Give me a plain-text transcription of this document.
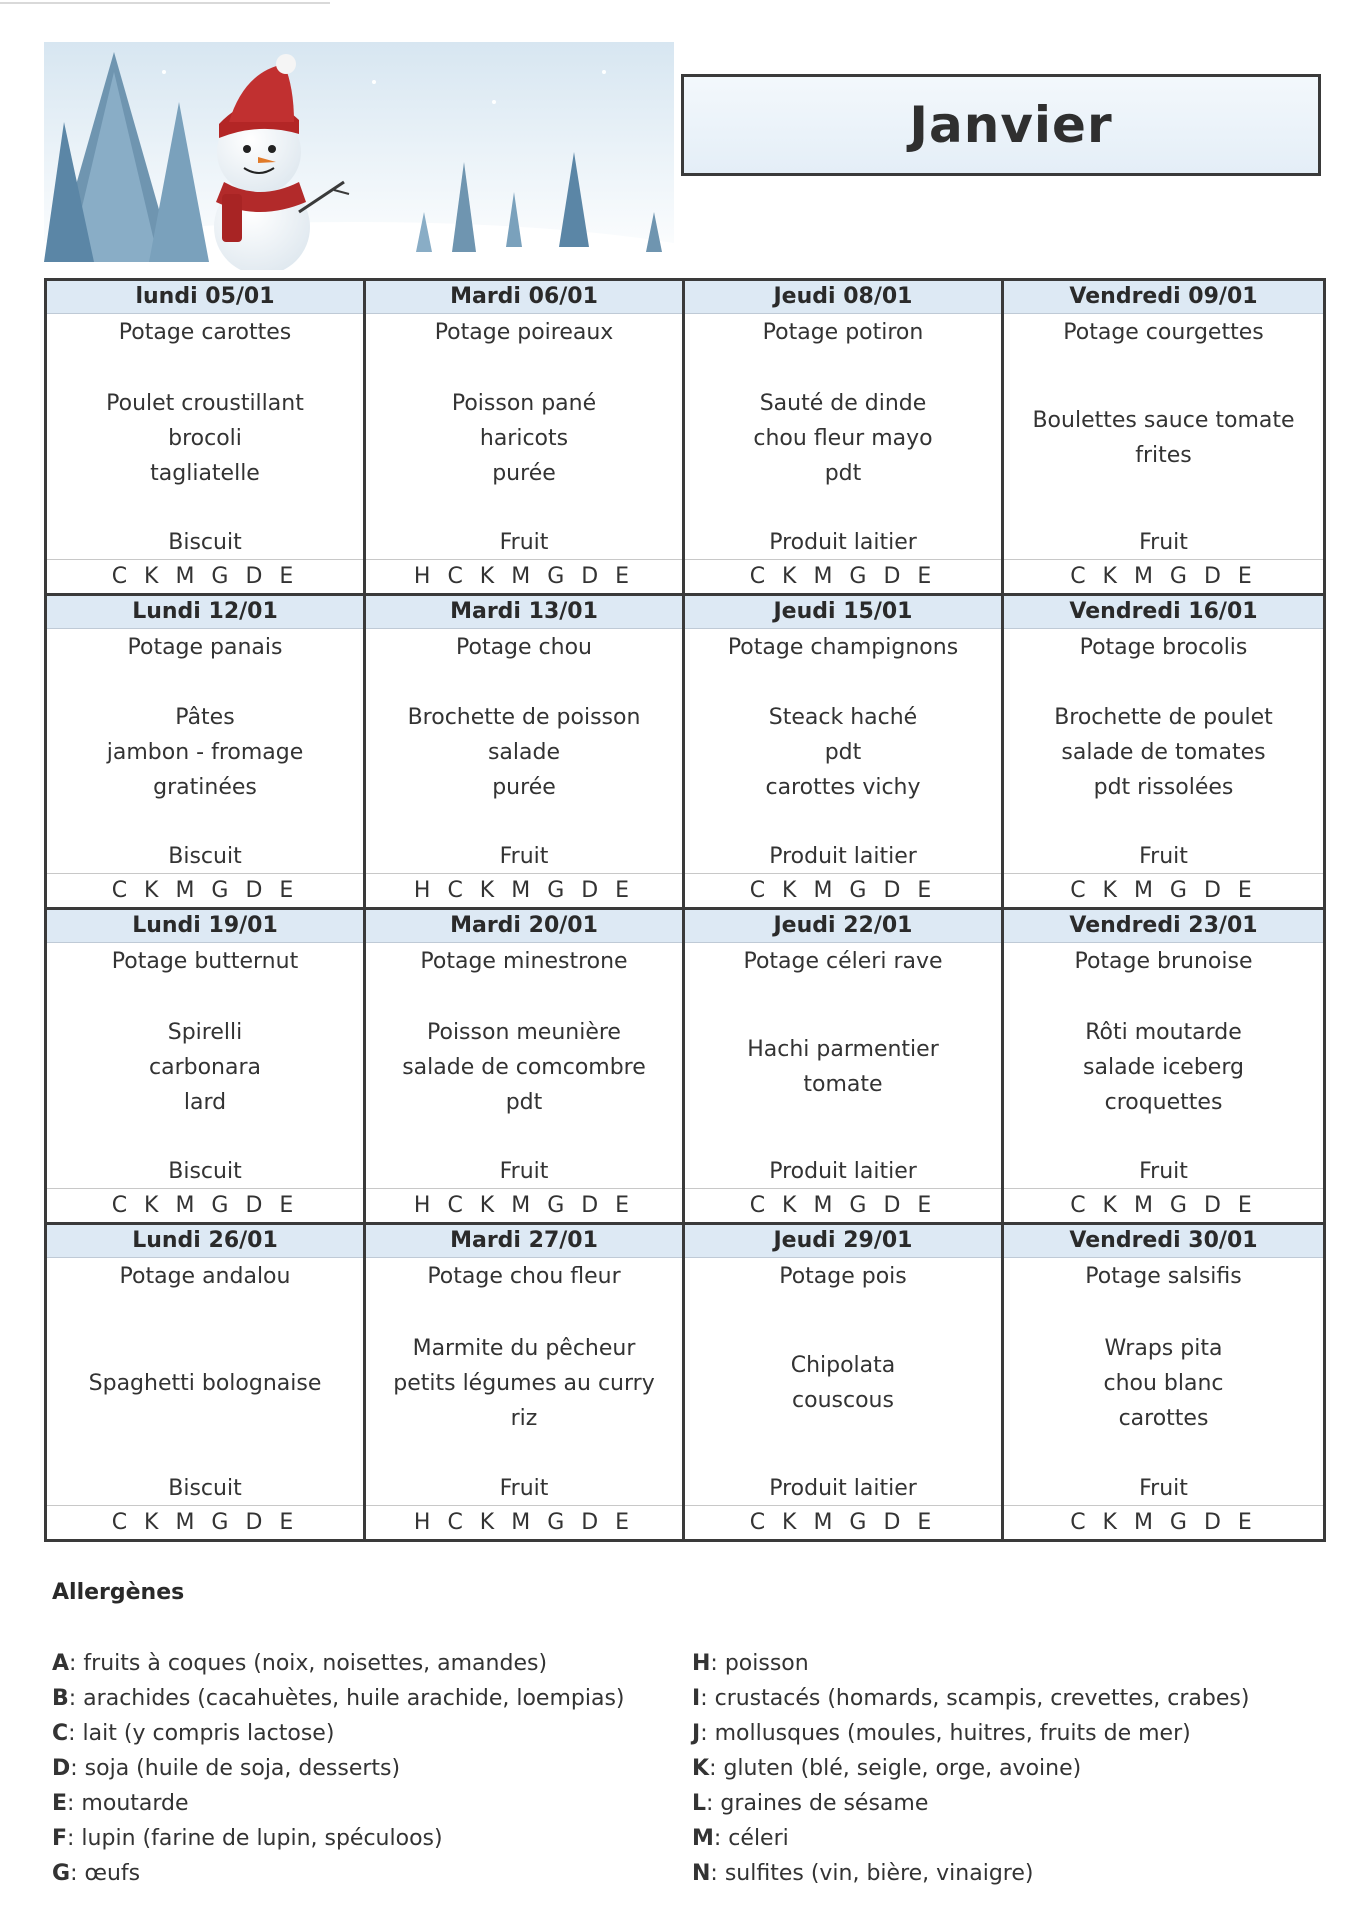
Janvier
lundi 05/01
Potage carottes
Poulet croustillant
brocoli
tagliatelle
Biscuit
C K M G D E
Mardi 06/01
Potage poireaux
Poisson pané
haricots
purée
Fruit
H C K M G D E
Jeudi 08/01
Potage potiron
Sauté de dinde
chou fleur mayo
pdt
Produit laitier
C K M G D E
Vendredi 09/01
Potage courgettes
Boulettes sauce tomate
frites
Fruit
C K M G D E
Lundi 12/01
Potage panais
Pâtes
jambon - fromage
gratinées
Biscuit
C K M G D E
Mardi 13/01
Potage chou
Brochette de poisson
salade
purée
Fruit
H C K M G D E
Jeudi 15/01
Potage champignons
Steack haché
pdt
carottes vichy
Produit laitier
C K M G D E
Vendredi 16/01
Potage brocolis
Brochette de poulet
salade de tomates
pdt rissolées
Fruit
C K M G D E
Lundi 19/01
Potage butternut
Spirelli
carbonara
lard
Biscuit
C K M G D E
Mardi 20/01
Potage minestrone
Poisson meunière
salade de comcombre
pdt
Fruit
H C K M G D E
Jeudi 22/01
Potage céleri rave
Hachi parmentier
tomate
Produit laitier
C K M G D E
Vendredi 23/01
Potage brunoise
Rôti moutarde
salade iceberg
croquettes
Fruit
C K M G D E
Lundi 26/01
Potage andalou
Spaghetti bolognaise
Biscuit
C K M G D E
Mardi 27/01
Potage chou fleur
Marmite du pêcheur
petits légumes au curry
riz
Fruit
H C K M G D E
Jeudi 29/01
Potage pois
Chipolata
couscous
Produit laitier
C K M G D E
Vendredi 30/01
Potage salsifis
Wraps pita
chou blanc
carottes
Fruit
C K M G D E
Allergènes
A: fruits à coques (noix, noisettes, amandes)
B: arachides (cacahuètes, huile arachide, loempias)
C: lait (y compris lactose)
D: soja (huile de soja, desserts)
E: moutarde
F: lupin (farine de lupin, spéculoos)
G: œufs
H: poisson
I: crustacés (homards, scampis, crevettes, crabes)
J: mollusques (moules, huitres, fruits de mer)
K: gluten (blé, seigle, orge, avoine)
L: graines de sésame
M: céleri
N: sulfites (vin, bière, vinaigre)
